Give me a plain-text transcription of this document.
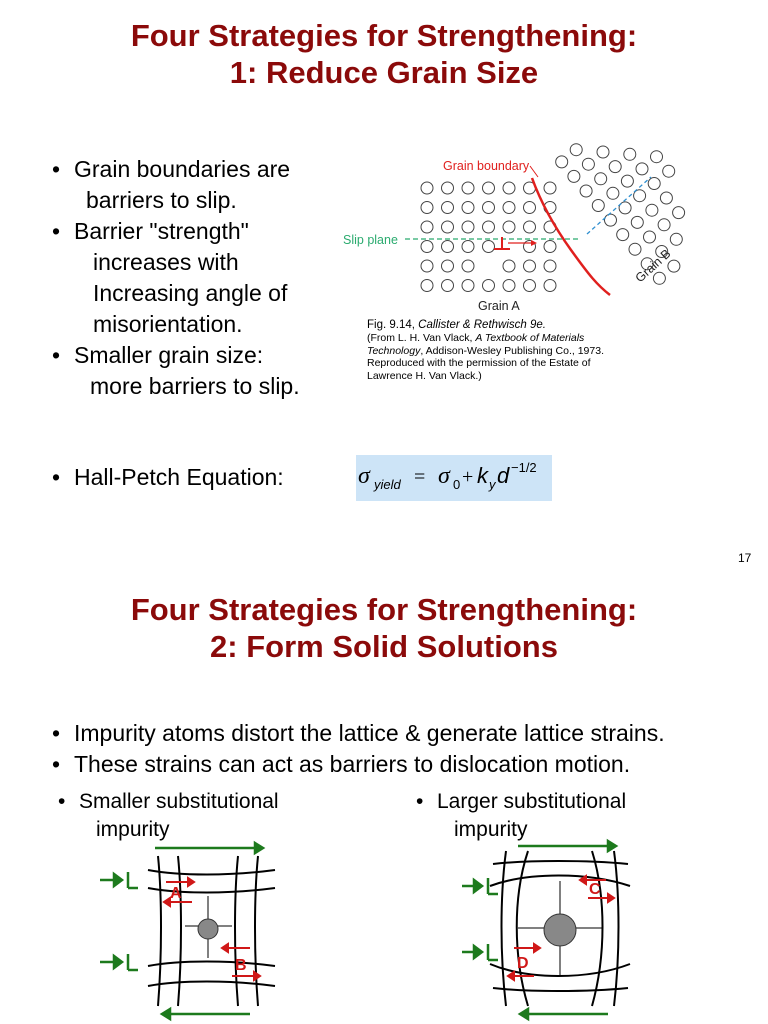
Four Strategies for Strengthening:
1: Reduce Grain Size
• Grain boundaries are
barriers to slip.
• Barrier "strength"
increases with
Increasing angle of
misorientation.
• Smaller grain size:
more barriers to slip.
Grain boundary
Slip plane
Grain A
Grain B
Fig. 9.14, Callister & Rethwisch 9e.
(From L. H. Van Vlack, A Textbook of Materials
Technology, Addison-Wesley Publishing Co., 1973.
Reproduced with the permission of the Estate of
Lawrence H. Van Vlack.)
• Hall-Petch Equation:	σ yield = σ 0 + k y d −1/2
17
Four Strategies for Strengthening:
2: Form Solid Solutions
• Impurity atoms distort the lattice & generate lattice strains.
• These strains can act as barriers to dislocation motion.
• Smaller substitutional
impurity
• Larger substitutional
impurity
A
B
C
D
